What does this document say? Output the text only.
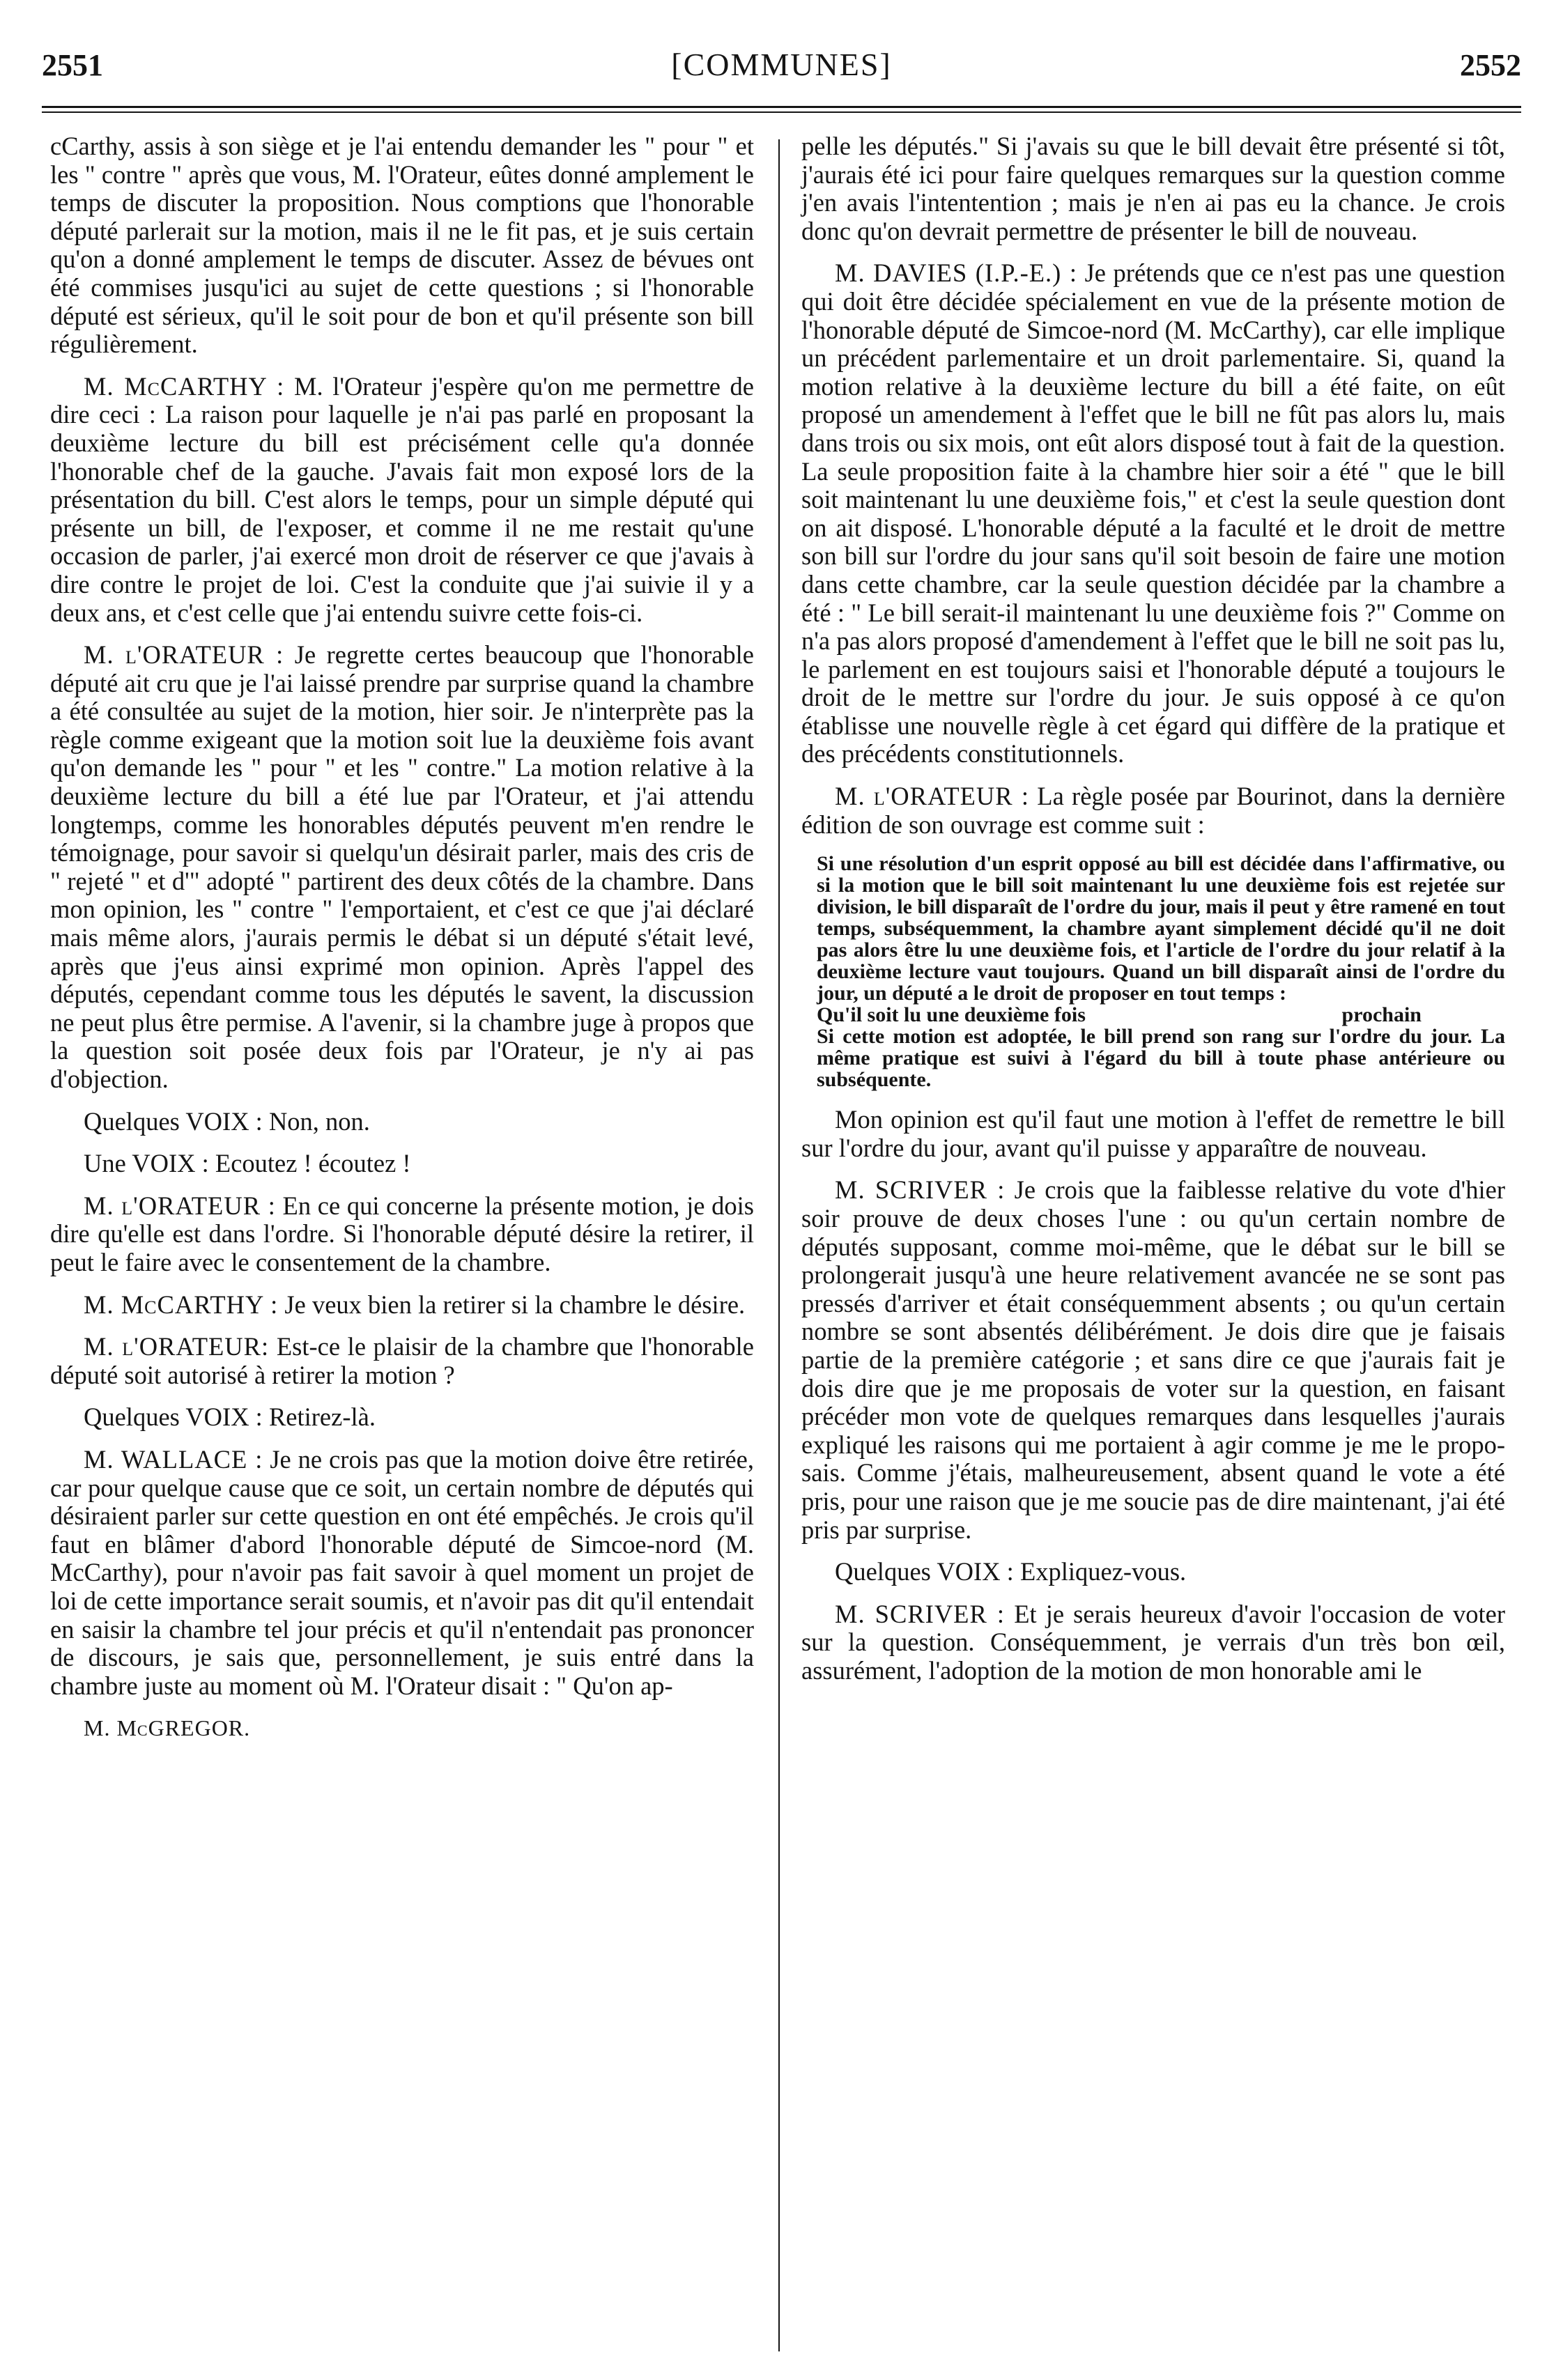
2551	[COMMUNES]	2552

cCarthy, assis à son siège et je l'ai entendu demander les " pour " et les " contre " après que vous, M. l'Orateur, eûtes donné amplement le temps de discuter la proposition. Nous comptions que l'honorable député parlerait sur la motion, mais il ne le fit pas, et je suis certain qu'on a donné amplement le temps de discuter. Assez de bévues ont été commises jusqu'ici au sujet de cette questions ; si l'honorable député est sérieux, qu'il le soit pour de bon et qu'il présente son bill régulièrement.

M. McCARTHY : M. l'Orateur j'espère qu'on me permettre de dire ceci : La raison pour laquelle je n'ai pas parlé en proposant la deuxième lecture du bill est précisément celle qu'a donnée l'honorable chef de la gauche. J'avais fait mon exposé lors de la présentation du bill. C'est alors le temps, pour un simple député qui présente un bill, de l'exposer, et comme il ne me restait qu'une occasion de parler, j'ai exercé mon droit de réserver ce que j'avais à dire contre le projet de loi. C'est la conduite que j'ai suivie il y a deux ans, et c'est celle que j'ai entendu suivre cette fois-ci.

M. l'ORATEUR : Je regrette certes beaucoup que l'honorable député ait cru que je l'ai laissé prendre par surprise quand la chambre a été consultée au sujet de la motion, hier soir. Je n'interprète pas la règle comme exigeant que la motion soit lue la deuxième fois avant qu'on demande les " pour " et les " contre." La motion relative à la deuxième lecture du bill a été lue par l'Orateur, et j'ai attendu longtemps, comme les honorables députés peuvent m'en rendre le témoignage, pour savoir si quelqu'un désirait parler, mais des cris de " rejeté " et d'" adopté " partirent des deux côtés de la chambre. Dans mon opinion, les " contre " l'emportaient, et c'est ce que j'ai déclaré mais même alors, j'aurais permis le débat si un député s'était levé, après que j'eus ainsi exprimé mon opinion. Après l'appel des députés, cependant comme tous les députés le savent, la discussion ne peut plus être permise. A l'avenir, si la chambre juge à propos que la question soit posée deux fois par l'Orateur, je n'y ai pas d'objection.

Quelques VOIX : Non, non.

Une VOIX : Ecoutez ! écoutez !

M. l'ORATEUR : En ce qui concerne la présente motion, je dois dire qu'elle est dans l'ordre. Si l'honorable député désire la retirer, il peut le faire avec le consentement de la chambre.

M. McCARTHY : Je veux bien la retirer si la chambre le désire.

M. l'ORATEUR: Est-ce le plaisir de la chambre que l'honorable député soit autorisé à retirer la motion ?

Quelques VOIX : Retirez-là.

M. WALLACE : Je ne crois pas que la motion doive être retirée, car pour quelque cause que ce soit, un certain nombre de députés qui désiraient parler sur cette question en ont été empêchés. Je crois qu'il faut en blâmer d'abord l'honorable député de Simcoe-nord (M. McCarthy), pour n'avoir pas fait savoir à quel moment un projet de loi de cette importance serait soumis, et n'avoir pas dit qu'il entendait en saisir la chambre tel jour précis et qu'il n'entendait pas prononcer de discours, je sais que, personnellement, je suis entré dans la chambre juste au moment où M. l'Orateur disait : " Qu'on ap-

M. McGREGOR.

pelle les députés." Si j'avais su que le bill devait être présenté si tôt, j'aurais été ici pour faire quelques remarques sur la question comme j'en avais l'intentention ; mais je n'en ai pas eu la chance. Je crois donc qu'on devrait permettre de présenter le bill de nouveau.

M. DAVIES (I.P.-E.) : Je prétends que ce n'est pas une question qui doit être décidée spécialement en vue de la présente motion de l'honorable député de Simcoe-nord (M. McCarthy), car elle implique un précédent parlementaire et un droit parlementaire. Si, quand la motion relative à la deuxième lecture du bill a été faite, on eût proposé un amendement à l'effet que le bill ne fût pas alors lu, mais dans trois ou six mois, ont eût alors disposé tout à fait de la question. La seule proposition faite à la chambre hier soir a été " que le bill soit maintenant lu une deuxième fois," et c'est la seule question dont on ait disposé. L'honorable député a la faculté et le droit de mettre son bill sur l'ordre du jour sans qu'il soit besoin de faire une motion dans cette chambre, car la seule question décidée par la chambre a été : " Le bill serait-il maintenant lu une deuxième fois ?" Comme on n'a pas alors proposé d'amendement à l'effet que le bill ne soit pas lu, le parlement en est toujours saisi et l'honorable député a toujours le droit de le mettre sur l'ordre du jour. Je suis opposé à ce qu'on établisse une nouvelle règle à cet égard qui diffère de la pratique et des précédents constitutionnels.

M. l'ORATEUR : La règle posée par Bourinot, dans la dernière édition de son ouvrage est comme suit :

Si une résolution d'un esprit opposé au bill est décidée dans l'affirmative, ou si la motion que le bill soit maintenant lu une deuxième fois est rejetée sur division, le bill disparaît de l'ordre du jour, mais il peut y être ramené en tout temps, subséquemment, la chambre ayant simplement décidé qu'il ne doit pas alors être lu une deuxième fois, et l'article de l'ordre du jour relatif à la deuxième lecture vaut toujours. Quand un bill disparaît ainsi de l'ordre du jour, un député a le droit de proposer en tout temps :
Qu'il soit lu une deuxième fois	prochain
Si cette motion est adoptée, le bill prend son rang sur l'ordre du jour. La même pratique est suivi à l'égard du bill à toute phase antérieure ou subséquente.

Mon opinion est qu'il faut une motion à l'effet de remettre le bill sur l'ordre du jour, avant qu'il puisse y apparaître de nouveau.

M. SCRIVER : Je crois que la faiblesse relative du vote d'hier soir prouve de deux choses l'une : ou qu'un certain nombre de députés supposant, comme moi-même, que le débat sur le bill se prolongerait jusqu'à une heure relativement avancée ne se sont pas pressés d'arriver et était conséquemment absents ; ou qu'un certain nombre se sont absentés délibérément. Je dois dire que je faisais partie de la première catégorie ; et sans dire ce que j'aurais fait je dois dire que je me proposais de voter sur la question, en faisant précéder mon vote de quelques remarques dans lesquelles j'aurais expliqué les raisons qui me portaient à agir comme je me le propo-sais. Comme j'étais, malheureusement, absent quand le vote a été pris, pour une raison que je me soucie pas de dire maintenant, j'ai été pris par surprise.

Quelques VOIX : Expliquez-vous.

M. SCRIVER : Et je serais heureux d'avoir l'occasion de voter sur la question. Conséquemment, je verrais d'un très bon œil, assurément, l'adoption de la motion de mon honorable ami le
